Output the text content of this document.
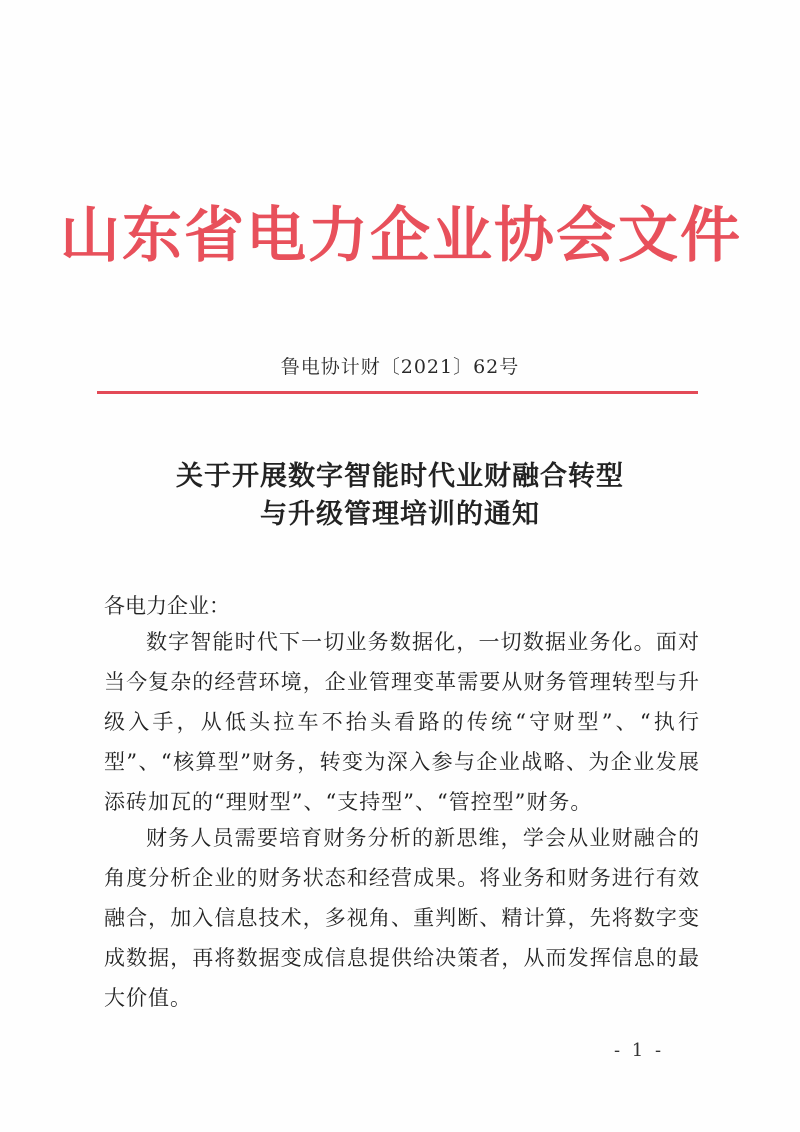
山东省电力企业协会文件
鲁电协计财〔2021〕62号
关于开展数字智能时代业财融合转型
与升级管理培训的通知
各电力企业：
数字智能时代下一切业务数据化，一切数据业务化。面对当今复杂的经营环境，企业管理变革需要从财务管理转型与升级入手，从低头拉车不抬头看路的传统“守财型”、“执行型”、“核算型”财务，转变为深入参与企业战略、为企业发展添砖加瓦的“理财型”、“支持型”、“管控型”财务。
财务人员需要培育财务分析的新思维，学会从业财融合的角度分析企业的财务状态和经营成果。将业务和财务进行有效融合，加入信息技术，多视角、重判断、精计算，先将数字变成数据，再将数据变成信息提供给决策者，从而发挥信息的最大价值。
- 1 -
